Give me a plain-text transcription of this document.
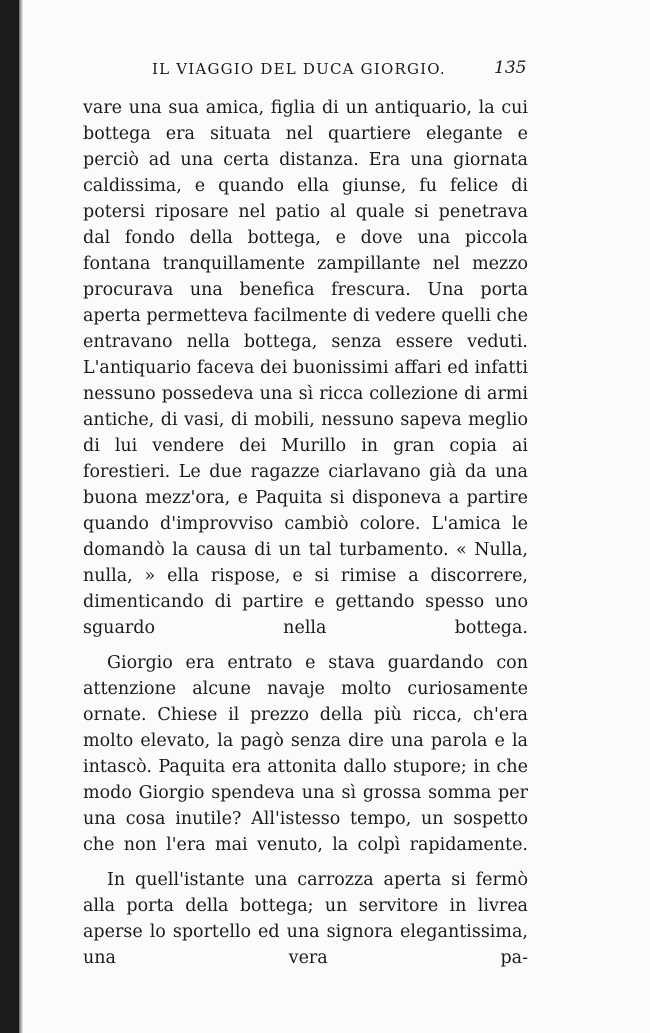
IL VIAGGIO DEL DUCA GIORGIO.	135

vare una sua amica, figlia di un antiquario, la cui bottega era situata nel quartiere elegante e perciò ad una certa distanza. Era una giornata caldissima, e quando ella giunse, fu felice di potersi riposare nel patio al quale si penetrava dal fondo della bottega, e dove una piccola fontana tranquillamente zampillante nel mezzo procurava una benefica frescura. Una porta aperta permetteva facilmente di vedere quelli che entravano nella bottega, senza essere veduti. L'antiquario faceva dei buonissimi affari ed infatti nessuno possedeva una sì ricca collezione di armi antiche, di vasi, di mobili, nessuno sapeva meglio di lui vendere dei Murillo in gran copia ai forestieri. Le due ragazze ciarlavano già da una buona mezz'ora, e Paquita si disponeva a partire quando d'improvviso cambiò colore. L'amica le domandò la causa di un tal turbamento. « Nulla, nulla, » ella rispose, e si rimise a discorrere, dimenticando di partire e gettando spesso uno sguardo nella bottega.

Giorgio era entrato e stava guardando con attenzione alcune navaje molto curiosamente ornate. Chiese il prezzo della più ricca, ch'era molto elevato, la pagò senza dire una parola e la intascò. Paquita era attonita dallo stupore; in che modo Giorgio spendeva una sì grossa somma per una cosa inutile? All'istesso tempo, un sospetto che non l'era mai venuto, la colpì rapidamente.

In quell'istante una carrozza aperta si fermò alla porta della bottega; un servitore in livrea aperse lo sportello ed una signora elegantissima, una vera pa-
